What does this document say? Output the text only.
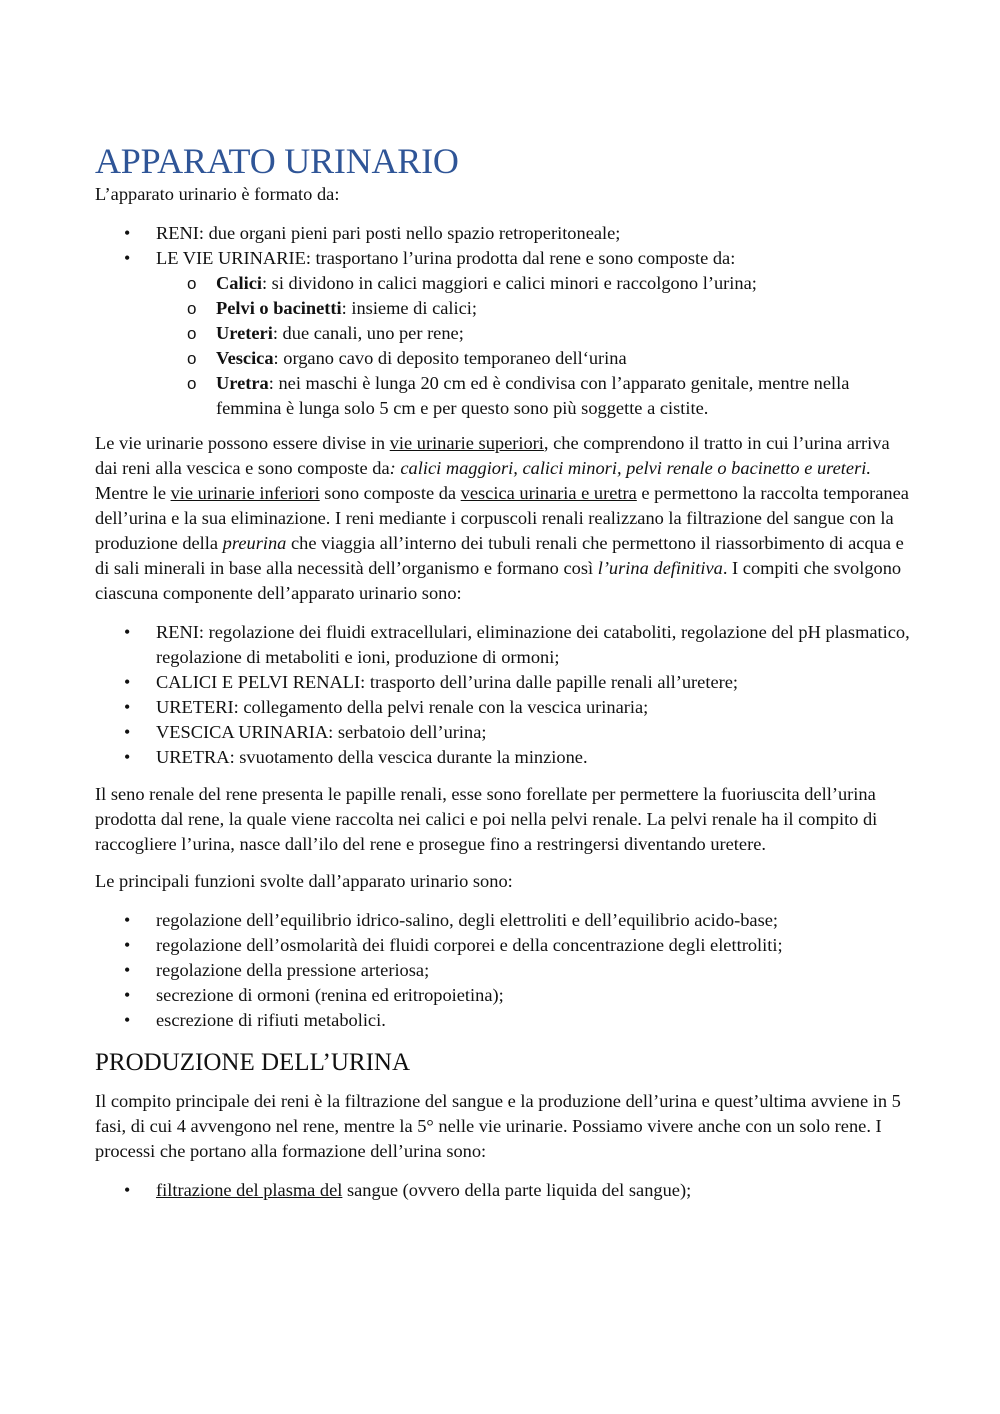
APPARATO URINARIO

L’apparato urinario è formato da:

• RENI: due organi pieni pari posti nello spazio retroperitoneale;
• LE VIE URINARIE: trasportano l’urina prodotta dal rene e sono composte da:
o Calici: si dividono in calici maggiori e calici minori e raccolgono l’urina;
o Pelvi o bacinetti: insieme di calici;
o Ureteri: due canali, uno per rene;
o Vescica: organo cavo di deposito temporaneo dell‘urina
o Uretra: nei maschi è lunga 20 cm ed è condivisa con l’apparato genitale, mentre nella femmina è lunga solo 5 cm e per questo sono più soggette a cistite.

Le vie urinarie possono essere divise in vie urinarie superiori, che comprendono il tratto in cui l’urina arriva dai reni alla vescica e sono composte da: calici maggiori, calici minori, pelvi renale o bacinetto e ureteri. Mentre le vie urinarie inferiori sono composte da vescica urinaria e uretra e permettono la raccolta temporanea dell’urina e la sua eliminazione. I reni mediante i corpuscoli renali realizzano la filtrazione del sangue con la produzione della preurina che viaggia all’interno dei tubuli renali che permettono il riassorbimento di acqua e di sali minerali in base alla necessità dell’organismo e formano così l’urina definitiva. I compiti che svolgono ciascuna componente dell’apparato urinario sono:

• RENI: regolazione dei fluidi extracellulari, eliminazione dei cataboliti, regolazione del pH plasmatico, regolazione di metaboliti e ioni, produzione di ormoni;
• CALICI E PELVI RENALI: trasporto dell’urina dalle papille renali all’uretere;
• URETERI: collegamento della pelvi renale con la vescica urinaria;
• VESCICA URINARIA: serbatoio dell’urina;
• URETRA: svuotamento della vescica durante la minzione.

Il seno renale del rene presenta le papille renali, esse sono forellate per permettere la fuoriuscita dell’urina prodotta dal rene, la quale viene raccolta nei calici e poi nella pelvi renale. La pelvi renale ha il compito di raccogliere l’urina, nasce dall’ilo del rene e prosegue fino a restringersi diventando uretere.

Le principali funzioni svolte dall’apparato urinario sono:

• regolazione dell’equilibrio idrico-salino, degli elettroliti e dell’equilibrio acido-base;
• regolazione dell’osmolarità dei fluidi corporei e della concentrazione degli elettroliti;
• regolazione della pressione arteriosa;
• secrezione di ormoni (renina ed eritropoietina);
• escrezione di rifiuti metabolici.
PRODUZIONE DELL’URINA

Il compito principale dei reni è la filtrazione del sangue e la produzione dell’urina e quest’ultima avviene in 5 fasi, di cui 4 avvengono nel rene, mentre la 5° nelle vie urinarie. Possiamo vivere anche con un solo rene. I processi che portano alla formazione dell’urina sono:

• filtrazione del plasma del sangue (ovvero della parte liquida del sangue);
